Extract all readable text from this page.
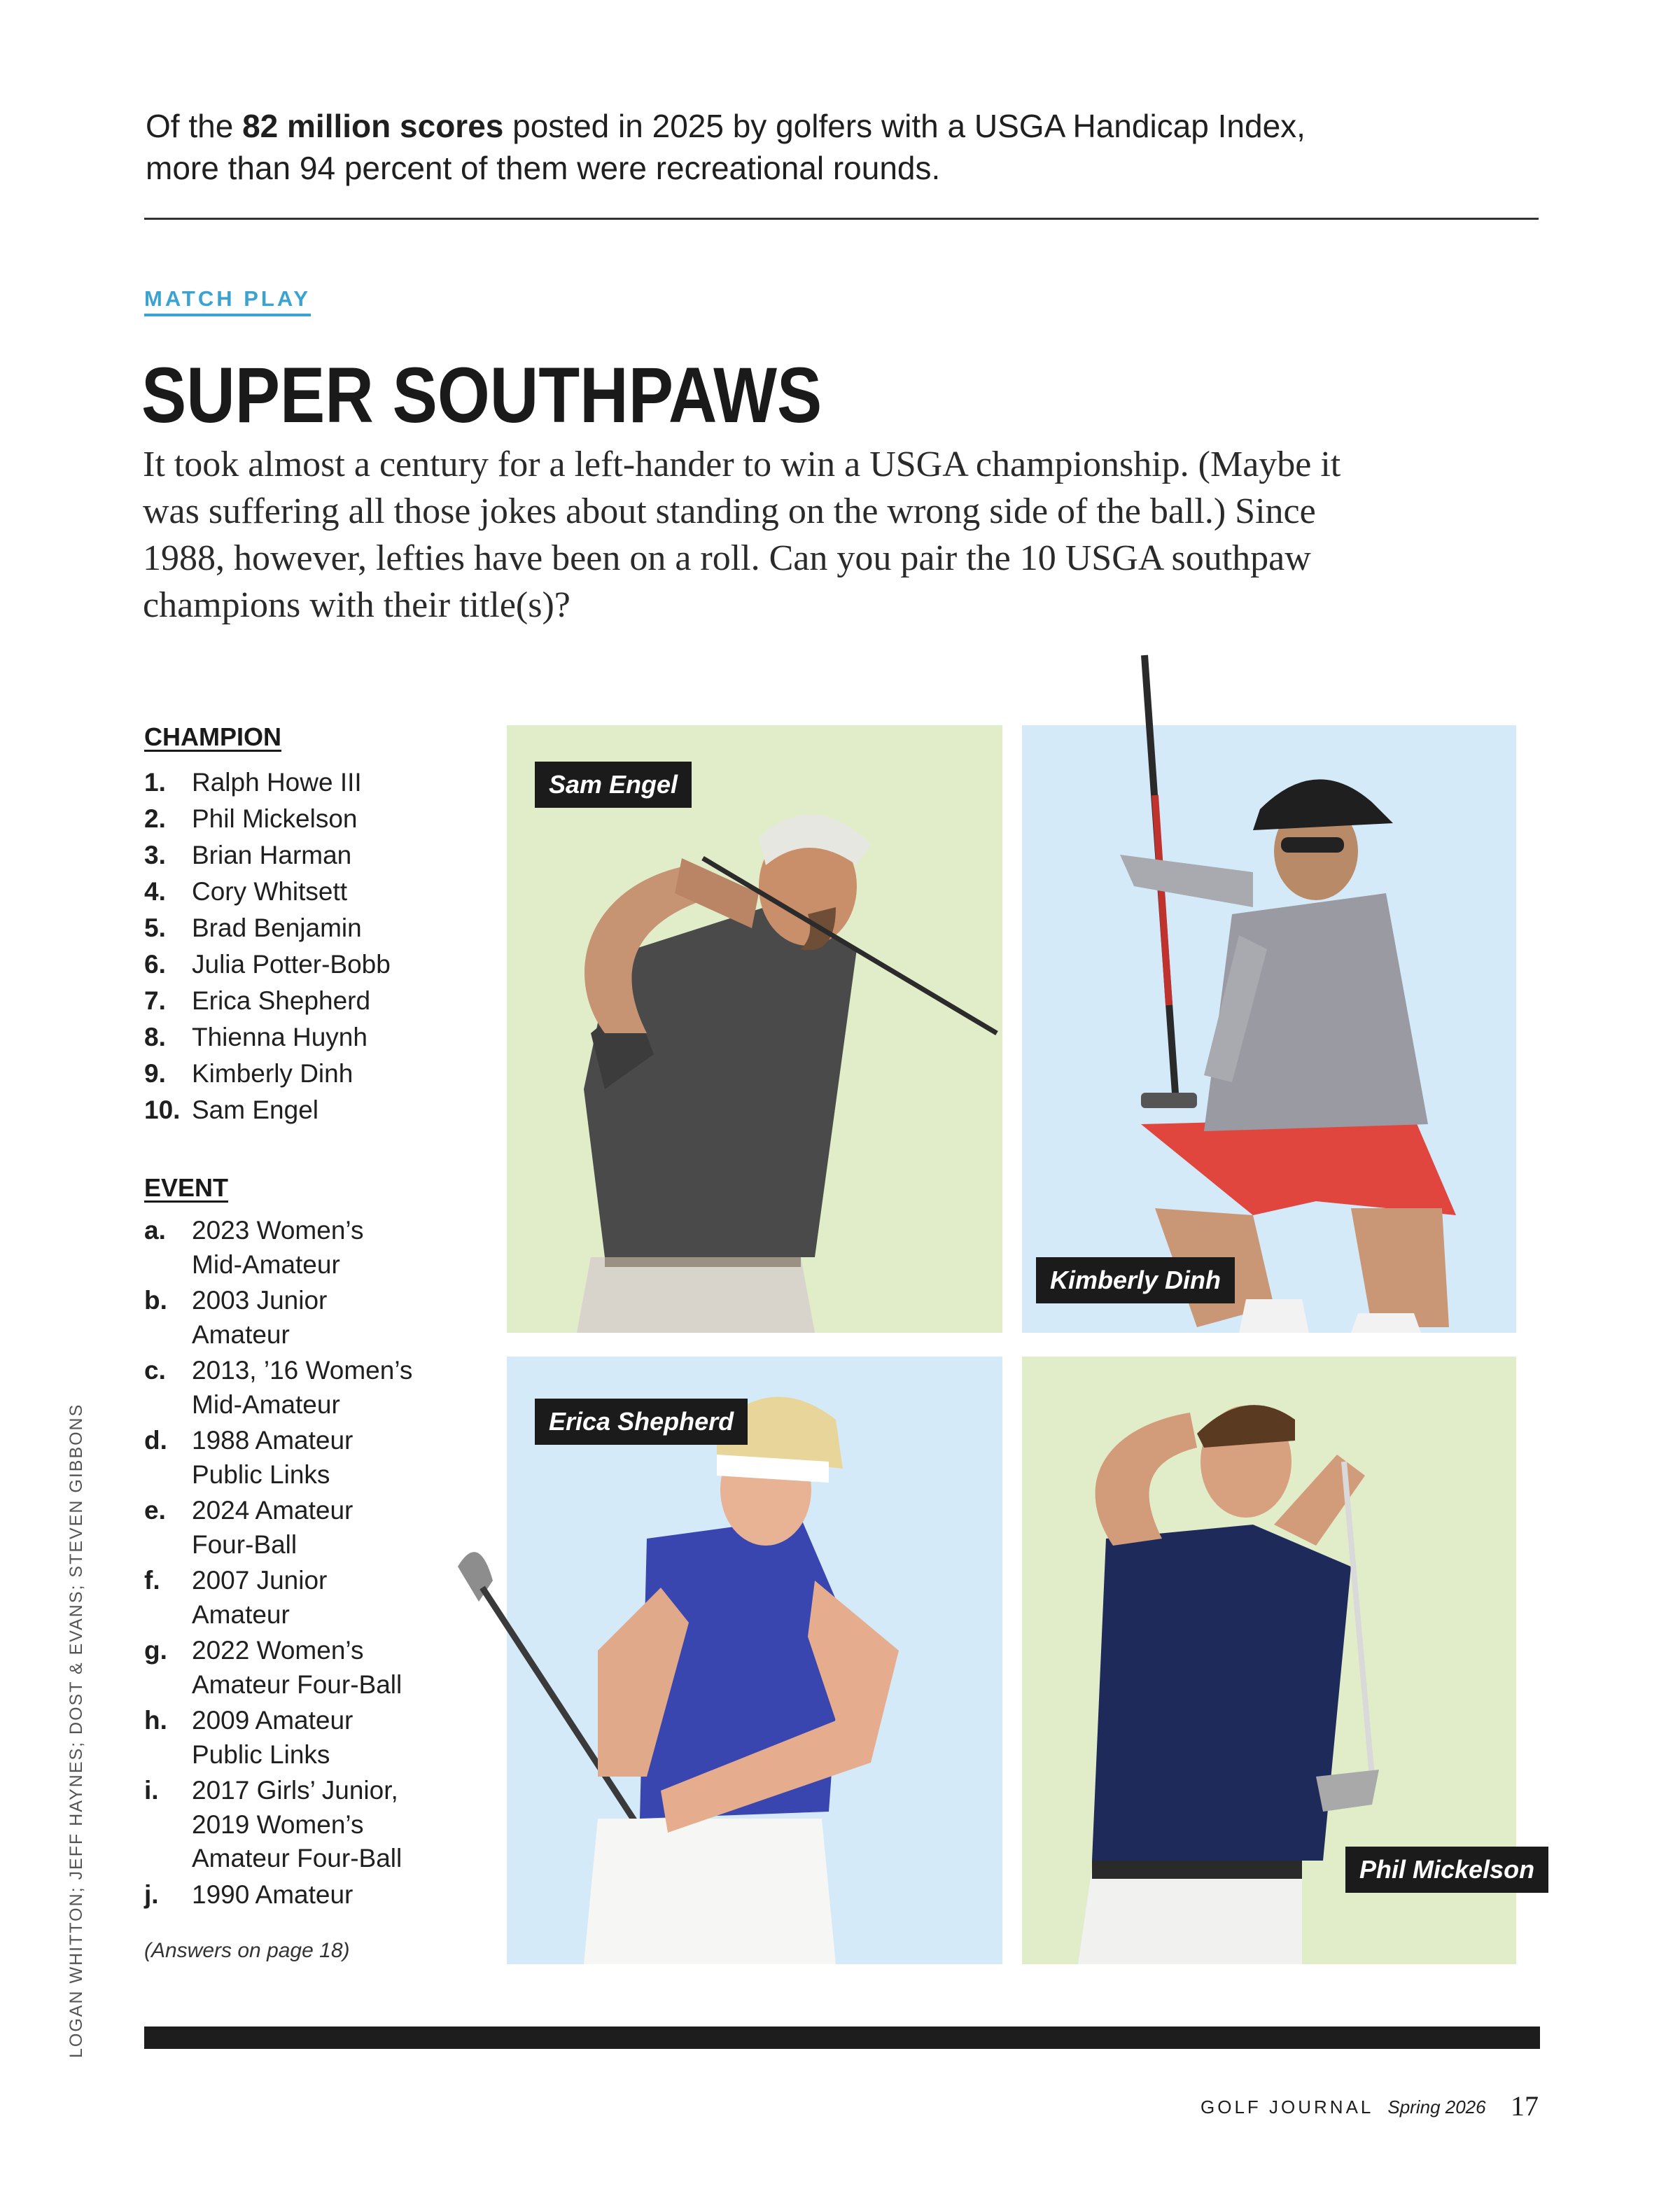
Of the 82 million scores posted in 2025 by golfers with a USGA Handicap Index,
more than 94 percent of them were recreational rounds.
MATCH PLAY
SUPER SOUTHPAWS
It took almost a century for a left-hander to win a USGA championship. (Maybe it was suffering all those jokes about standing on the wrong side of the ball.) Since 1988, however, lefties have been on a roll. Can you pair the 10 USGA southpaw champions with their title(s)?
CHAMPION
1.	Ralph Howe III
2.	Phil Mickelson
3.	Brian Harman
4.	Cory Whitsett
5.	Brad Benjamin
6.	Julia Potter-Bobb
7.	Erica Shepherd
8.	Thienna Huynh
9.	Kimberly Dinh
10. Sam Engel
EVENT
a.	2023 Women’s
Mid-Amateur
b. 2003 Junior
Amateur
c.	2013, ’16 Women’s
Mid-Amateur
d. 1988 Amateur
Public Links
e.	2024 Amateur
Four-Ball
f.	2007 Junior
Amateur
g. 2022 Women’s
Amateur Four-Ball
h. 2009 Amateur
Public Links
i.	2017 Girls’ Junior,
2019 Women’s
Amateur Four-Ball
j.	1990 Amateur
(Answers on page 18)
Sam Engel
Kimberly Dinh
Erica Shepherd
Phil Mickelson
LOGAN WHITTON; JEFF HAYNES; DOST & EVANS; STEVEN GIBBONS
GOLF JOURNAL Spring 2026 17
